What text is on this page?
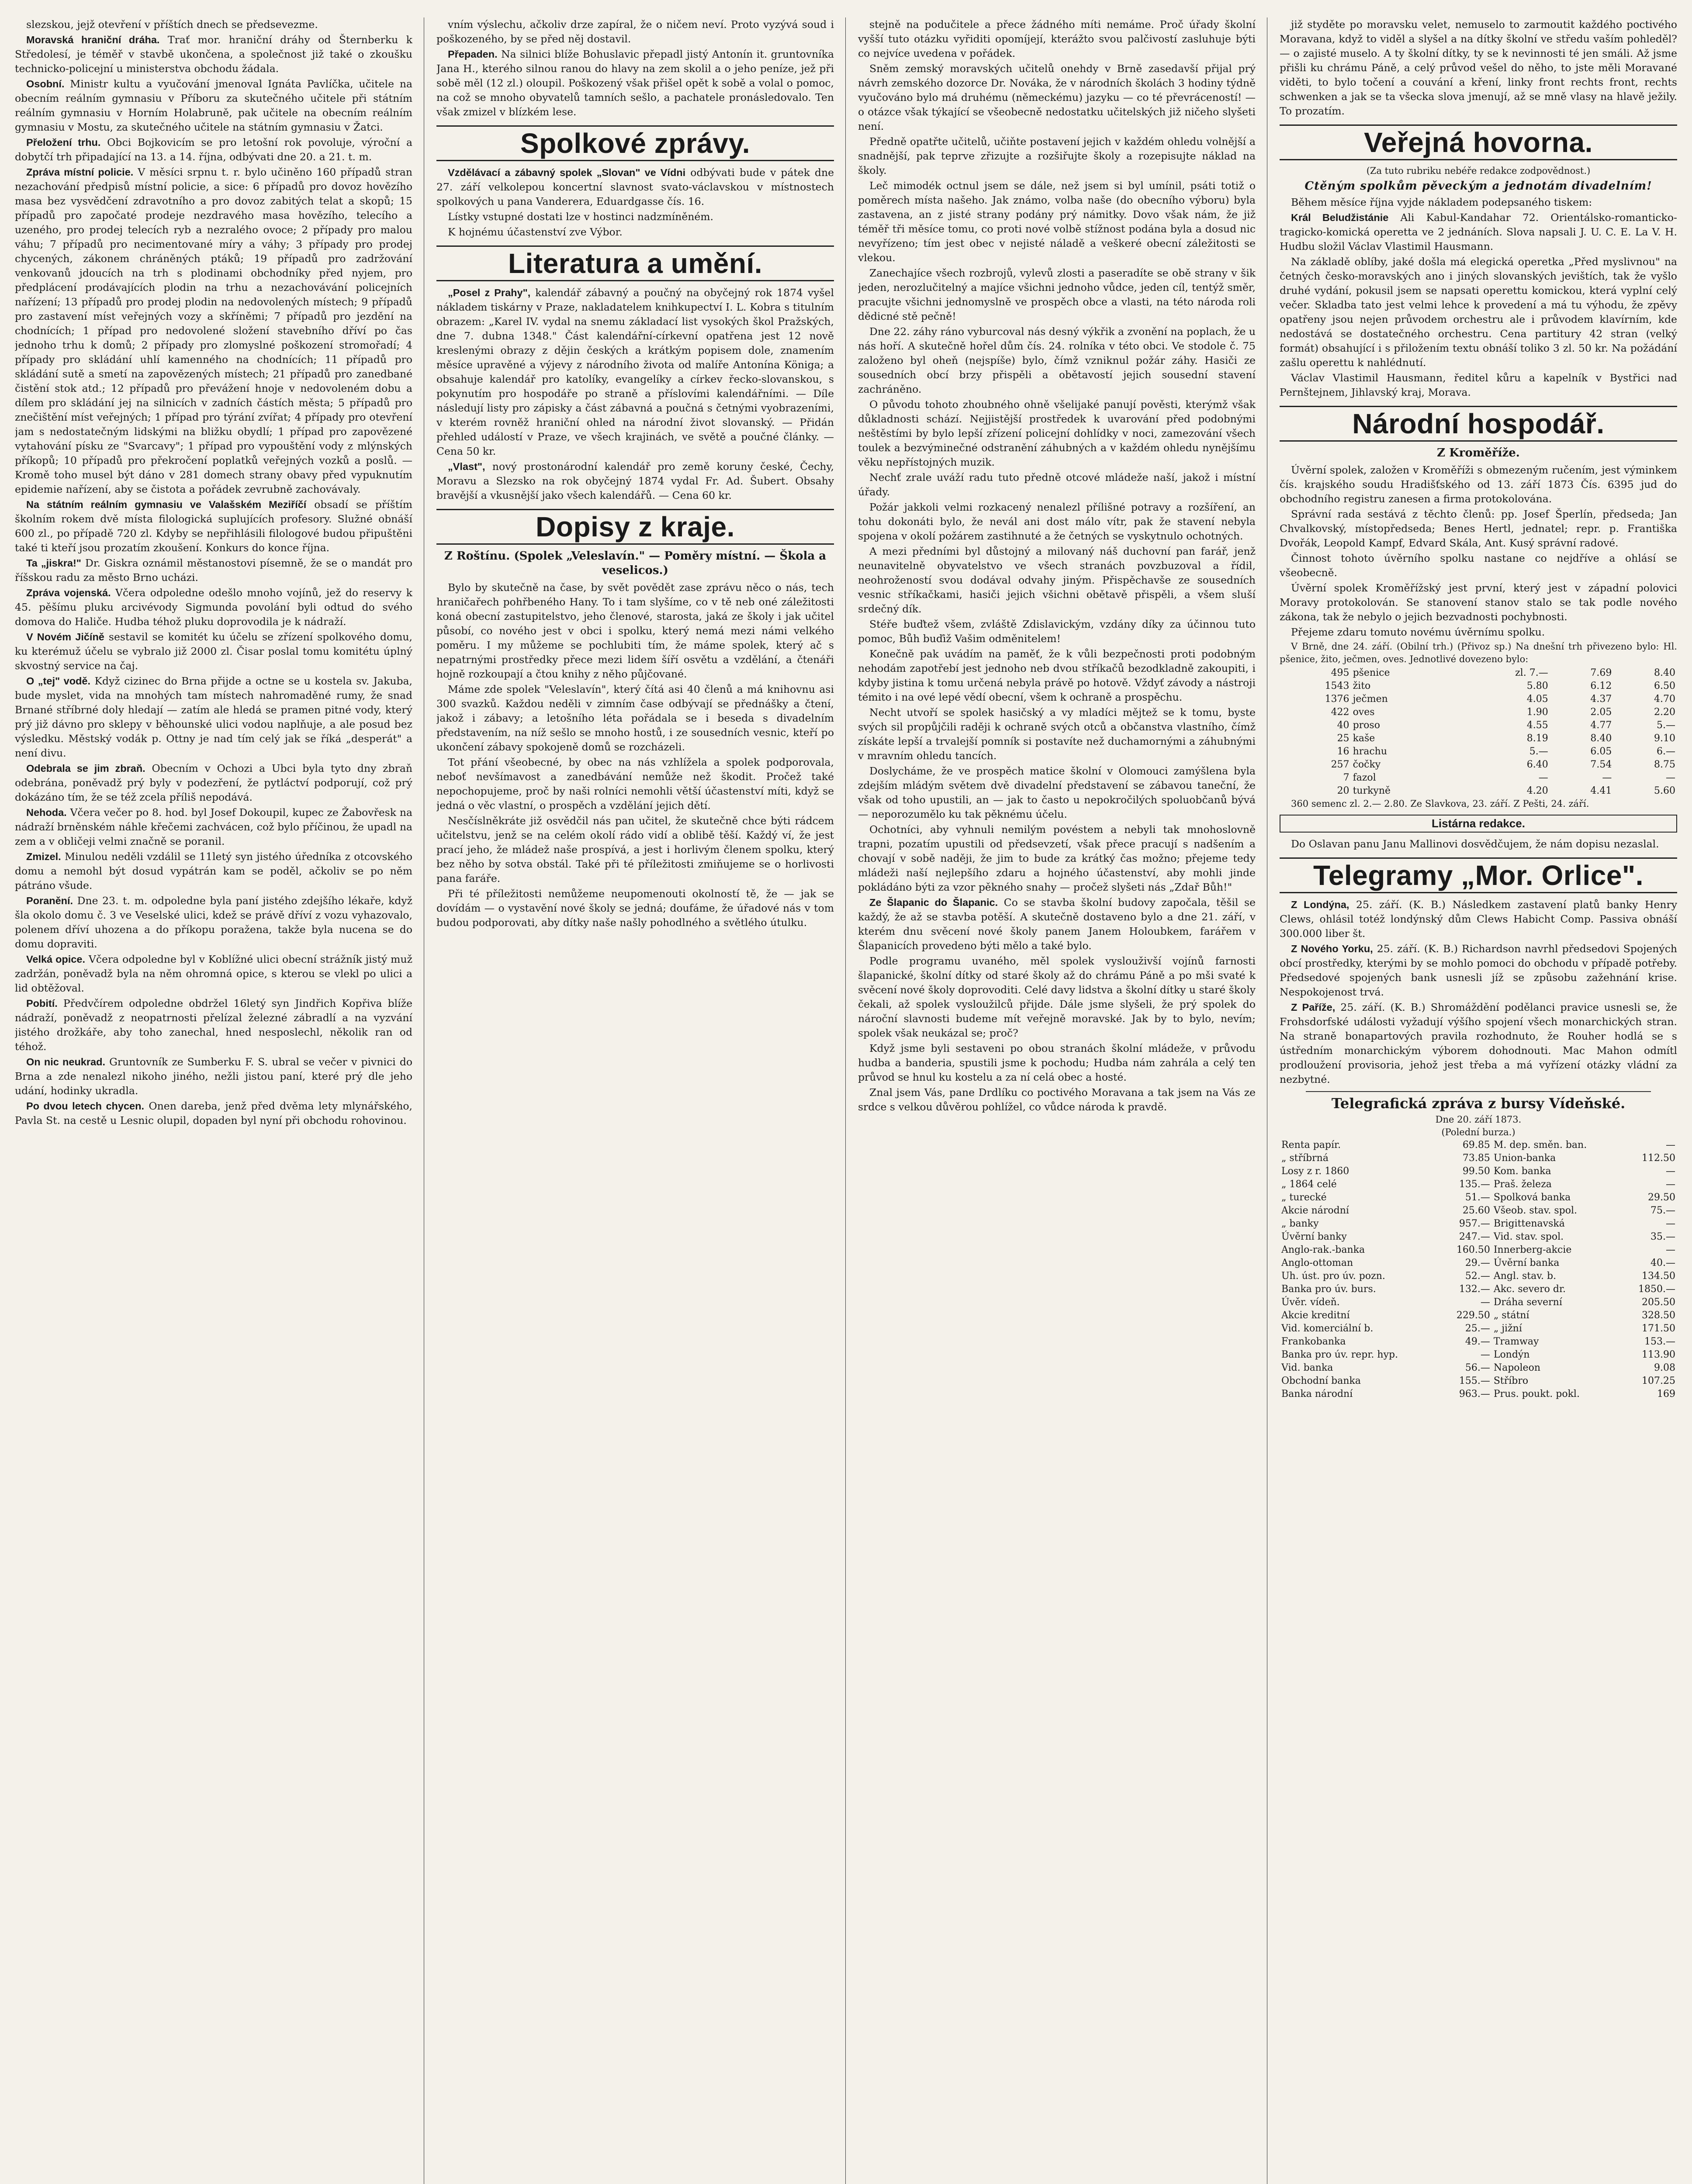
slezskou, jejž otevření v příštích dnech se předsevezme.

Moravská hraniční dráha. Trať mor. hraniční dráhy od Šternberku k Středolesí, je téměř v stavbě ukončena, a společnost již také o zkoušku technicko-policejní u ministerstva obchodu žádala.

Osobní. Ministr kultu a vyučování jmenoval Ignáta Pavlíčka, učitele na obecním reálním gymnasiu v Příboru za skutečného učitele při státním reálním gymnasiu v Horním Holabruně, pak učitele na obecním reálním gymnasiu v Mostu, za skutečného učitele na státním gymnasiu v Žatci.

Přeložení trhu. Obci Bojkovicím se pro letošní rok povoluje, výroční a dobytčí trh připadající na 13. a 14. října, odbývati dne 20. a 21. t. m.

Zpráva místní policie. V měsíci srpnu t. r. bylo učiněno 160 případů stran nezachování předpisů místní policie, a sice: 6 případů pro dovoz hovězího masa bez vysvědčení zdravotního a pro dovoz zabitých telat a skopů; 15 případů pro započaté prodeje nezdravého masa hovězího, telecího a uzeného, pro prodej telecích ryb a nezralého ovoce; 2 případy pro malou váhu; 7 případů pro necimentované míry a váhy; 3 případy pro prodej chycených, zákonem chráněných ptáků; 19 případů pro zadržování venkovanů jdoucích na trh s plodinami obchodníky před nyjem, pro předplácení prodávajících plodin na trhu a nezachovávání policejních nařízení; 13 případů pro prodej plodin na nedovolených místech; 9 případů pro zastavení míst veřejných vozy a skříněmi; 7 případů pro jezdění na chodnících; 1 případ pro nedovolené složení stavebního dříví po čas jednoho trhu k domů; 2 případy pro zlomyslné poškození stromořadí; 4 případy pro skládání uhlí kamenného na chodnících; 11 případů pro skládání sutě a smetí na zapovězených místech; 21 případů pro zanedbané čistění stok atd.; 12 případů pro převážení hnoje v nedovoleném dobu a dílem pro skládání jej na silnicích v zadních částích města; 5 případů pro znečištění míst veřejných; 1 případ pro týrání zvířat; 4 případy pro otevření jam s nedostatečným lidskými na bližku obydlí; 1 případ pro zapovězené vytahování písku ze "Svarcavy"; 1 případ pro vypouštění vody z mlýnských příkopů; 10 případů pro překročení poplatků veřejných vozků a poslů. — Kromě toho musel být dáno v 281 domech strany obavy před vypuknutím epidemie nařízení, aby se čistota a pořádek zevrubně zachovávaly.

Na státním reálním gymnasiu ve Valašském Meziříčí obsadí se příštím školním rokem dvě místa filologická suplujících profesory. Služné obnáší 600 zl., po případě 720 zl. Kdyby se nepřihlásili filologové budou připuštěni také ti kteří jsou prozatím zkoušení. Konkurs do konce října.

Ta „jiskra!" Dr. Giskra oznámil městanostovi písemně, že se o mandát pro říšskou radu za město Brno ucházi.

Zpráva vojenská. Včera odpoledne odešlo mnoho vojínů, jež do reservy k 45. pěšímu pluku arcivévody Sigmunda povolání byli odtud do svého domova do Haliče. Hudba téhož pluku doprovodila je k nádraží.

V Novém Jičíně sestavil se komitét ku účelu se zřízení spolkového domu, ku kterémuž účelu se vybralo již 2000 zl. Čisar poslal tomu komitétu úplný skvostný service na čaj.

O „tej" vodě. Když cizinec do Brna přijde a octne se u kostela sv. Jakuba, bude myslet, vida na mnohých tam místech nahromaděné rumy, že snad Brnané stříbrné doly hledají — zatím ale hledá se pramen pitné vody, který prý již dávno pro sklepy v běhounské ulici vodou naplňuje, a ale posud bez výsledku. Městský vodák p. Ottny je nad tím celý jak se říká „desperát" a není divu.

Odebrala se jim zbraň. Obecním v Ochozi a Ubci byla tyto dny zbraň odebrána, poněvadž prý byly v podezření, že pytláctví podporují, což prý dokázáno tím, že se též zcela příliš nepodává.

Nehoda. Včera večer po 8. hod. byl Josef Dokoupil, kupec ze Žabovřesk na nádraží brněnském náhle křečemi zachvácen, což bylo příčinou, že upadl na zem a v obličeji velmi značně se poranil.

Zmizel. Minulou neděli vzdálil se 11letý syn jistého úředníka z otcovského domu a nemohl být dosud vypátrán kam se poděl, ačkoliv se po něm pátráno všude.

Poranění. Dne 23. t. m. odpoledne byla paní jistého zdejšího lékaře, když šla okolo domu č. 3 ve Veselské ulici, kdež se právě dříví z vozu vyhazovalo, polenem dříví uhozena a do příkopu poražena, takže byla nucena se do domu dopraviti.

Velká opice. Včera odpoledne byl v Koblížné ulici obecní strážník jistý muž zadržán, poněvadž byla na něm ohromná opice, s kterou se vlekl po ulici a lid obtěžoval.

Pobití. Předvčírem odpoledne obdržel 16letý syn Jindřich Kopřiva blíže nádraží, poněvadž z neopatrnosti přelízal železné zábradlí a na vyzvání jistého drožkáře, aby toho zanechal, hned nesposlechl, několik ran od téhož.

On nic neukrad. Gruntovník ze Sumberku F. S. ubral se večer v pivnici do Brna a zde nenalezl nikoho jiného, nežli jistou paní, které prý dle jeho udání, hodinky ukradla.

Po dvou letech chycen. Onen dareba, jenž před dvěma lety mlynářského, Pavla St. na cestě u Lesnic olupil, dopaden byl nyní při obchodu rohovinou.

vním výslechu, ačkoliv drze zapíral, že o ničem neví. Proto vyzývá soud i poškozeného, by se před něj dostavil.

Přepaden. Na silnici blíže Bohuslavic přepadl jistý Antonín it. gruntovníka Jana H., kterého silnou ranou do hlavy na zem skolil a o jeho peníze, jež při sobě měl (12 zl.) oloupil. Poškozený však přišel opět k sobě a volal o pomoc, na což se mnoho obyvatelů tamních sešlo, a pachatele pronásledovalo. Ten však zmizel v blízkém lese.

Spolkové zprávy.

Vzdělávací a zábavný spolek „Slovan" ve Vídni odbývati bude v pátek dne 27. září velkolepou koncertní slavnost svato-václavskou v místnostech spolkových u pana Vanderera, Eduardgasse čís. 16.

Lístky vstupné dostati lze v hostinci nadzmíněném.

K hojnému účastenství zve Výbor.

Literatura a umění.

„Posel z Prahy", kalendář zábavný a poučný na obyčejný rok 1874 vyšel nákladem tiskárny v Praze, nakladatelem knihkupectví I. L. Kobra s titulním obrazem: „Karel IV. vydal na snemu základací list vysokých škol Pražských, dne 7. dubna 1348." Část kalendářní-církevní opatřena jest 12 nově kreslenými obrazy z dějin českých a krátkým popisem dole, znamením měsíce upravěné a výjevy z národního života od malíře Antonína Königa; a obsahuje kalendář pro katolíky, evangelíky a církev řecko-slovanskou, s pokynutím pro hospodáře po straně a příslovími kalendářními. — Díle následují listy pro zápisky a část zábavná a poučná s četnými vyobrazeními, v kterém rovněž hraniční ohled na národní život slovanský. — Přidán přehled událostí v Praze, ve všech krajinách, ve světě a poučné články. — Cena 50 kr.

„Vlast", nový prostonárodní kalendář pro země koruny české, Čechy, Moravu a Slezsko na rok obyčejný 1874 vydal Fr. Ad. Šubert. Obsahy bravější a vkusnější jako všech kalendářů. — Cena 60 kr.

Dopisy z kraje.
Z Roštínu. (Spolek „Veleslavín." — Poměry místní. — Škola a veselicos.)

Bylo by skutečně na čase, by svět povědět zase zprávu něco o nás, tech hraničařech pohřbeného Hany. To i tam slyšíme, co v tě neb oné záležitosti koná obecní zastupitelstvo, jeho členové, starosta, jaká ze školy i jak učitel působí, co nového jest v obci i spolku, který nemá mezi námi velkého poměru. I my můžeme se pochlubiti tím, že máme spolek, který ač s nepatrnými prostředky přece mezi lidem šíří osvětu a vzdělání, a čtenáři hojně rozkoupají a čtou knihy z něho půjčované.

Máme zde spolek "Veleslavín", který čítá asi 40 členů a má knihovnu asi 300 svazků. Každou neděli v zimním čase odbývají se přednášky a čtení, jakož i zábavy; a letošního léta pořádala se i beseda s divadelním představením, na níž sešlo se mnoho hostů, i ze sousedních vesnic, kteří po ukončení zábavy spokojeně domů se rozcházeli.

Tot přání všeobecné, by obec na nás vzhlížela a spolek podporovala, neboť nevšímavost a zanedbávání nemůže než škodit. Pročež také nepochopujeme, proč by naši rolníci nemohli větší účastenství míti, když se jedná o věc vlastní, o prospěch a vzdělání jejich dětí.

Nesčíslněkráte již osvědčil nás pan učitel, že skutečně chce býti rádcem učitelstvu, jenž se na celém okolí rádo vidí a oblibě těší. Každý ví, že jest prací jeho, že mládež naše prospívá, a jest i horlivým členem spolku, který bez něho by sotva obstál. Také při té příležitosti zmiňujeme se o horlivosti pana faráře.

Při té příležitosti nemůžeme neupomenouti okolností tě, že — jak se dovídám — o vystavění nové školy se jedná; doufáme, že úřadové nás v tom budou podporovati, aby dítky naše našly pohodlného a světlého útulku.

stejně na podučitele a přece žádného míti nemáme. Proč úřady školní vyšší tuto otázku vyřiditi opomíjejí, kterážto svou palčivostí zasluhuje býti co nejvíce uvedena v pořádek.

Sněm zemský moravských učitelů onehdy v Brně zasedavší přijal prý návrh zemského dozorce Dr. Nováka, že v národních školách 3 hodiny týdně vyučováno bylo má druhému (německému) jazyku — co té převráceností! — o otázce však týkající se všeobecně nedostatku učitelských již ničeho slyšeti není.

Předně opatřte učitelů, učiňte postavení jejich v každém ohledu volnější a snadnější, pak teprve zřizujte a rozšiřujte školy a rozepisujte náklad na školy.

Leč mimodék octnul jsem se dále, než jsem si byl umínil, psáti totiž o poměrech místa našeho. Jak známo, volba naše (do obecního výboru) byla zastavena, an z jisté strany podány prý námitky. Dovo však nám, že již téměř tři měsíce tomu, co proti nové volbě stížnost podána byla a dosud nic nevyřízeno; tím jest obec v nejisté náladě a veškeré obecní záležitosti se vlekou.

Zanechajíce všech rozbrojů, vylevů zlosti a paseradíte se obě strany v šik jeden, nerozlučitelný a majíce všichni jednoho vůdce, jeden cíl, tentýž směr, pracujte všichni jednomyslně ve prospěch obce a vlasti, na této národa roli dědicné stě pečně!

Dne 22. záhy ráno vyburcoval nás desný výkřik a zvonění na poplach, že u nás hoří. A skutečně hořel dům čís. 24. rolníka v této obci. Ve stodole č. 75 založeno byl oheň (nejspíše) bylo, čímž vzniknul požár záhy. Hasiči ze sousedních obcí brzy přispěli a obětavostí jejich sousední stavení zachráněno.

O původu tohoto zhoubného ohně všelijaké panují pověsti, kterýmž však důkladnosti schází. Nejjistější prostředek k uvarování před podobnými neštěstími by bylo lepší zřízení policejní dohlídky v noci, zamezování všech toulek a bezvýminečné odstranění záhubných a v každém ohledu nynějšímu věku nepřístojných muzik.

Nechť zrale uváží radu tuto předně otcové mládeže naší, jakož i místní úřady.

Požár jakkoli velmi rozkacený nenalezl přílišné potravy a rozšíření, an tohu dokonáti bylo, že nevál ani dost málo vítr, pak že stavení nebyla spojena v okolí požárem zastihnuté a že četných se vyskytnulo ochotných.

A mezi předními byl důstojný a milovaný náš duchovní pan farář, jenž neunavitelně obyvatelstvo ve všech stranách povzbuzoval a řídil, neohrožeností svou dodával odvahy jiným. Přispěchavše ze sousedních vesnic stříkačkami, hasiči jejich všichni obětavě přispěli, a všem sluší srdečný dík.

Stéře buďtež všem, zvláště Zdislavickým, vzdány díky za účinnou tuto pomoc, Bůh buďiž Vašim odměnitelem!

Konečně pak uvádím na paměť, že k vůli bezpečnosti proti podobným nehodám zapotřebí jest jednoho neb dvou stříkačů bezodkladně zakoupiti, i kdyby jistina k tomu určená nebyla právě po hotově. Vždyť závody a nástroji témito i na ové lepé vědí obecní, všem k ochraně a prospěchu.

Necht utvoří se spolek hasičský a vy mladíci mějtež se k tomu, byste svých sil propůjčili raději k ochraně svých otců a občanstva vlastního, čímž získáte lepší a trvalejší pomník si postavíte než duchamornými a záhubnými v mravním ohledu tancích.

Doslycháme, že ve prospěch matice školní v Olomouci zamýšlena byla zdejším mládým světem dvě divadelní představení se zábavou taneční, že však od toho upustili, an — jak to často u nepokročilých spoluobčanů bývá — neporozumělo ku tak pěknému účelu.

Ochotníci, aby vyhnuli nemilým povéstem a nebyli tak mnohoslovně trapni, pozatím upustili od předsevzetí, však přece pracují s nadšením a chovají v sobě naději, že jim to bude za krátký čas možno; přejeme tedy mládeži naší nejlepšího zdaru a hojného účastenství, aby mohli jinde pokládáno býti za vzor pěkného snahy — pročež slyšeti nás „Zdař Bůh!"

Ze Šlapanic do Šlapanic. Co se stavba školní budovy započala, těšil se každý, že až se stavba potěší. A skutečně dostaveno bylo a dne 21. září, v kterém dnu svěcení nové školy panem Janem Holoubkem, farářem v Šlapanicích provedeno býti mělo a také bylo.

Podle programu uvaného, měl spolek vyslouživší vojínů farnosti šlapanické, školní dítky od staré školy až do chrámu Páně a po mši svaté k svěcení nové školy doprovoditi. Celé davy lidstva a školní dítky u staré školy čekali, až spolek vysloužilců přijde. Dále jsme slyšeli, že prý spolek do nároční slavnosti budeme mít veřejně moravské. Jak by to bylo, nevím; spolek však neukázal se; proč?

Když jsme byli sestaveni po obou stranách školní mládeže, v průvodu hudba a banderia, spustili jsme k pochodu; Hudba nám zahrála a celý ten průvod se hnul ku kostelu a za ní celá obec a hosté.

Znal jsem Vás, pane Drdlíku co poctivého Moravana a tak jsem na Vás ze srdce s velkou důvěrou pohlížel, co vůdce národa k pravdě.

již styděte po moravsku velet, nemuselo to zarmoutit každého poctivého Moravana, když to viděl a slyšel a na dítky školní ve středu vaším pohleděl? — o zajisté muselo. A ty školní dítky, ty se k nevinnosti té jen smáli. Až jsme přišli ku chrámu Páně, a celý průvod vešel do něho, to jste měli Moravané viděti, to bylo točení a couvání a kření, linky front rechts front, rechts schwenken a jak se ta všecka slova jmenují, až se mně vlasy na hlavě ježily. To prozatím.

Veřejná hovorna.
(Za tuto rubriku nebéře redakce zodpovědnost.)
Ctěným spolkům pěveckým a jednotám divadelním!

Během měsíce října vyjde nákladem podepsaného tiskem:

Král Beludžistánie Ali Kabul-Kandahar 72. Orientálsko-romanticko-tragicko-komická operetta ve 2 jednáních. Slova napsali J. U. C. E. La V. H. Hudbu složil Václav Vlastimil Hausmann.

Na základě oblíby, jaké došla má elegická operetka „Před myslivnou" na četných česko-moravských ano i jiných slovanských jevištích, tak že vyšlo druhé vydání, pokusil jsem se napsati operettu komickou, která vyplní celý večer. Skladba tato jest velmi lehce k provedení a má tu výhodu, že zpěvy opatřeny jsou nejen průvodem orchestru ale i průvodem klavírním, kde nedostává se dostatečného orchestru. Cena partitury 42 stran (velký formát) obsahující i s přiložením textu obnáší toliko 3 zl. 50 kr. Na požádání zašlu operettu k nahlédnutí.

Václav Vlastimil Hausmann, ředitel kůru a kapelník v Bystřici nad Pernštejnem, Jihlavský kraj, Morava.

Národní hospodář.
Z Kroměříže.

Úvěrní spolek, založen v Kroměříži s obmezeným ručením, jest výminkem čís. krajského soudu Hradišťského od 13. září 1873 Čís. 6395 jud do obchodního registru zanesen a firma protokolována.

Správní rada sestává z těchto členů: pp. Josef Šperlín, předseda; Jan Chvalkovský, místopředseda; Benes Hertl, jednatel; repr. p. Františka Dvořák, Leopold Kampf, Edvard Skála, Ant. Kusý správní radové.

Činnost tohoto úvěrního spolku nastane co nejdříve a ohlásí se všeobecně.

Úvěrní spolek Kroměřížský jest první, který jest v západní polovici Moravy protokolován. Se stanovení stanov stalo se tak podle nového zákona, tak že nebylo o jejich bezvadnosti pochybnosti.

Přejeme zdaru tomuto novému úvěrnímu spolku.

V Brně, dne 24. září. (Obilní trh.) (Přivoz sp.) Na dnešní trh přivezeno bylo: Hl. pšenice, žito, ječmen, oves. Jednotlivé dovezeno bylo:

495	pšenice	zl. 7.—	7.69	8.40
1543	žito	5.80	6.12	6.50
1376	ječmen	4.05	4.37	4.70
422	oves	1.90	2.05	2.20
40	proso	4.55	4.77	5.—
25	kaše	8.19	8.40	9.10
16	hrachu	5.—	6.05	6.—
257	čočky	6.40	7.54	8.75
7	fazol	—	—	—
20	turkyně	4.20	4.41	5.60

360 semenc zl. 2.— 2.80. Ze Slavkova, 23. září. Z Pešti, 24. září.

Listárna redakce.

Do Oslavan panu Janu Mallinovi dosvědčujem, že nám dopisu nezaslal.

Telegramy „Mor. Orlice".

Z Londýna, 25. září. (K. B.) Následkem zastavení platů banky Henry Clews, ohlásil totéž londýnský dům Clews Habicht Comp. Passiva obnáší 300.000 liber št.

Z Nového Yorku, 25. září. (K. B.) Richardson navrhl předsedovi Spojených obcí prostředky, kterými by se mohlo pomoci do obchodu v případě potřeby. Předsedové spojených bank usnesli jíž se způsobu zažehnání krise. Nespokojenost trvá.

Z Paříže, 25. září. (K. B.) Shromáždění podělanci pravice usnesli se, že Frohsdorfské události vyžadují výšího spojení všech monarchických stran. Na straně bonapartových pravila rozhodnuto, že Rouher hodlá se s ústředním monarchickým výborem dohodnouti. Mac Mahon odmítl prodloužení provisoria, jehož jest třeba a má vyřízení otázky vládní za nezbytné.

Telegrafická zpráva z bursy Vídeňské.
Dne 20. září 1873.
(Polední burza.)
Renta papír.	69.85	M. dep. směn. ban.	—
„ stříbrná	73.85	Union-banka	112.50
Losy z r. 1860	99.50	Kom. banka	—
„ 1864 celé	135.—	Praš. železa	—
„ turecké	51.—	Spolková banka	29.50
Akcie národní	25.60	Všeob. stav. spol.	75.—
„ banky	957.—	Brigittenavská	—
Úvěrní banky	247.—	Vid. stav. spol.	35.—
Anglo-rak.-banka	160.50	Innerberg-akcie	—
Anglo-ottoman	29.—	Úvěrní banka	40.—
Uh. úst. pro úv. pozn.	52.—	Angl. stav. b.	134.50
Banka pro úv. burs.	132.—	Akc. severo dr.	1850.—
Úvěr. vídeň.	—	Dráha severní	205.50
Akcie kreditní	229.50	„ státní	328.50
Vid. komerciální b.	25.—	„ jižní	171.50
Frankobanka	49.—	Tramway	153.—
Banka pro úv. repr. hyp.	—	Londýn	113.90
Vid. banka	56.—	Napoleon	9.08
Obchodní banka	155.—	Stříbro	107.25
Banka národní	963.—	Prus. poukt. pokl.	169
